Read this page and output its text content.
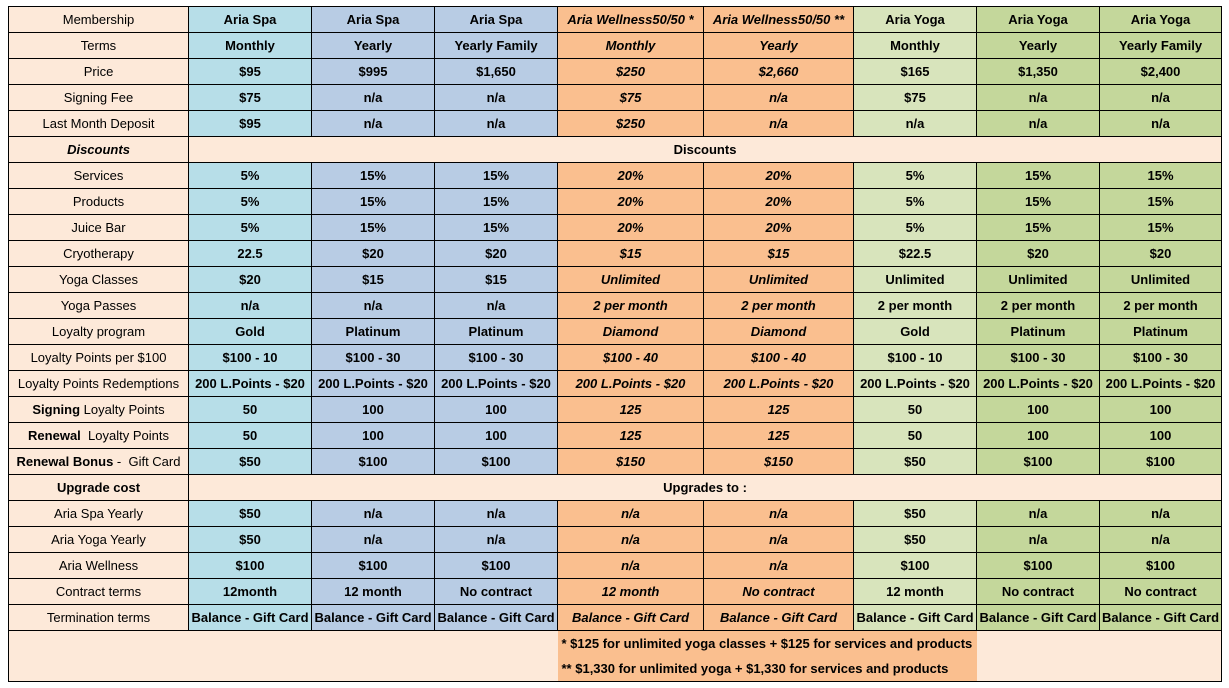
Membership	Aria Spa	Aria Spa	Aria Spa	Aria Wellness50/50 *	Aria Wellness50/50 **	Aria Yoga	Aria Yoga	Aria Yoga
Terms	Monthly	Yearly	Yearly Family	Monthly	Yearly	Monthly	Yearly	Yearly Family
Price	$95	$995	$1,650	$250	$2,660	$165	$1,350	$2,400
Signing Fee	$75	n/a	n/a	$75	n/a	$75	n/a	n/a
Last Month Deposit	$95	n/a	n/a	$250	n/a	n/a	n/a	n/a
Discounts	Discounts							
Services	5%	15%	15%	20%	20%	5%	15%	15%
Products	5%	15%	15%	20%	20%	5%	15%	15%
Juice Bar	5%	15%	15%	20%	20%	5%	15%	15%
Cryotherapy	22.5	$20	$20	$15	$15	$22.5	$20	$20
Yoga Classes	$20	$15	$15	Unlimited	Unlimited	Unlimited	Unlimited	Unlimited
Yoga Passes	n/a	n/a	n/a	2 per month	2 per month	2 per month	2 per month	2 per month
Loyalty program	Gold	Platinum	Platinum	Diamond	Diamond	Gold	Platinum	Platinum
Loyalty Points per $100	$100 - 10	$100 - 30	$100 - 30	$100 - 40	$100 - 40	$100 - 10	$100 - 30	$100 - 30
Loyalty Points Redemptions	200 L.Points - $20	200 L.Points - $20	200 L.Points - $20	200 L.Points - $20	200 L.Points - $20	200 L.Points - $20	200 L.Points - $20	200 L.Points - $20
Signing Loyalty Points	50	100	100	125	125	50	100	100
Renewal  Loyalty Points	50	100	100	125	125	50	100	100
Renewal Bonus -  Gift Card	$50	$100	$100	$150	$150	$50	$100	$100
Upgrade cost	Upgrades to :							
Aria Spa Yearly	$50	n/a	n/a	n/a	n/a	$50	n/a	n/a
Aria Yoga Yearly	$50	n/a	n/a	n/a	n/a	$50	n/a	n/a
Aria Wellness	$100	$100	$100	n/a	n/a	$100	$100	$100
Contract terms	12month	12 month	No contract	12 month	No contract	12 month	No contract	No contract
Termination terms	Balance - Gift Card	Balance - Gift Card	Balance - Gift Card	Balance - Gift Card	Balance - Gift Card	Balance - Gift Card	Balance - Gift Card	Balance - Gift Card
				* $125 for unlimited yoga classes + $125 for services and products				
				** $1,330 for unlimited yoga + $1,330 for services and products				
